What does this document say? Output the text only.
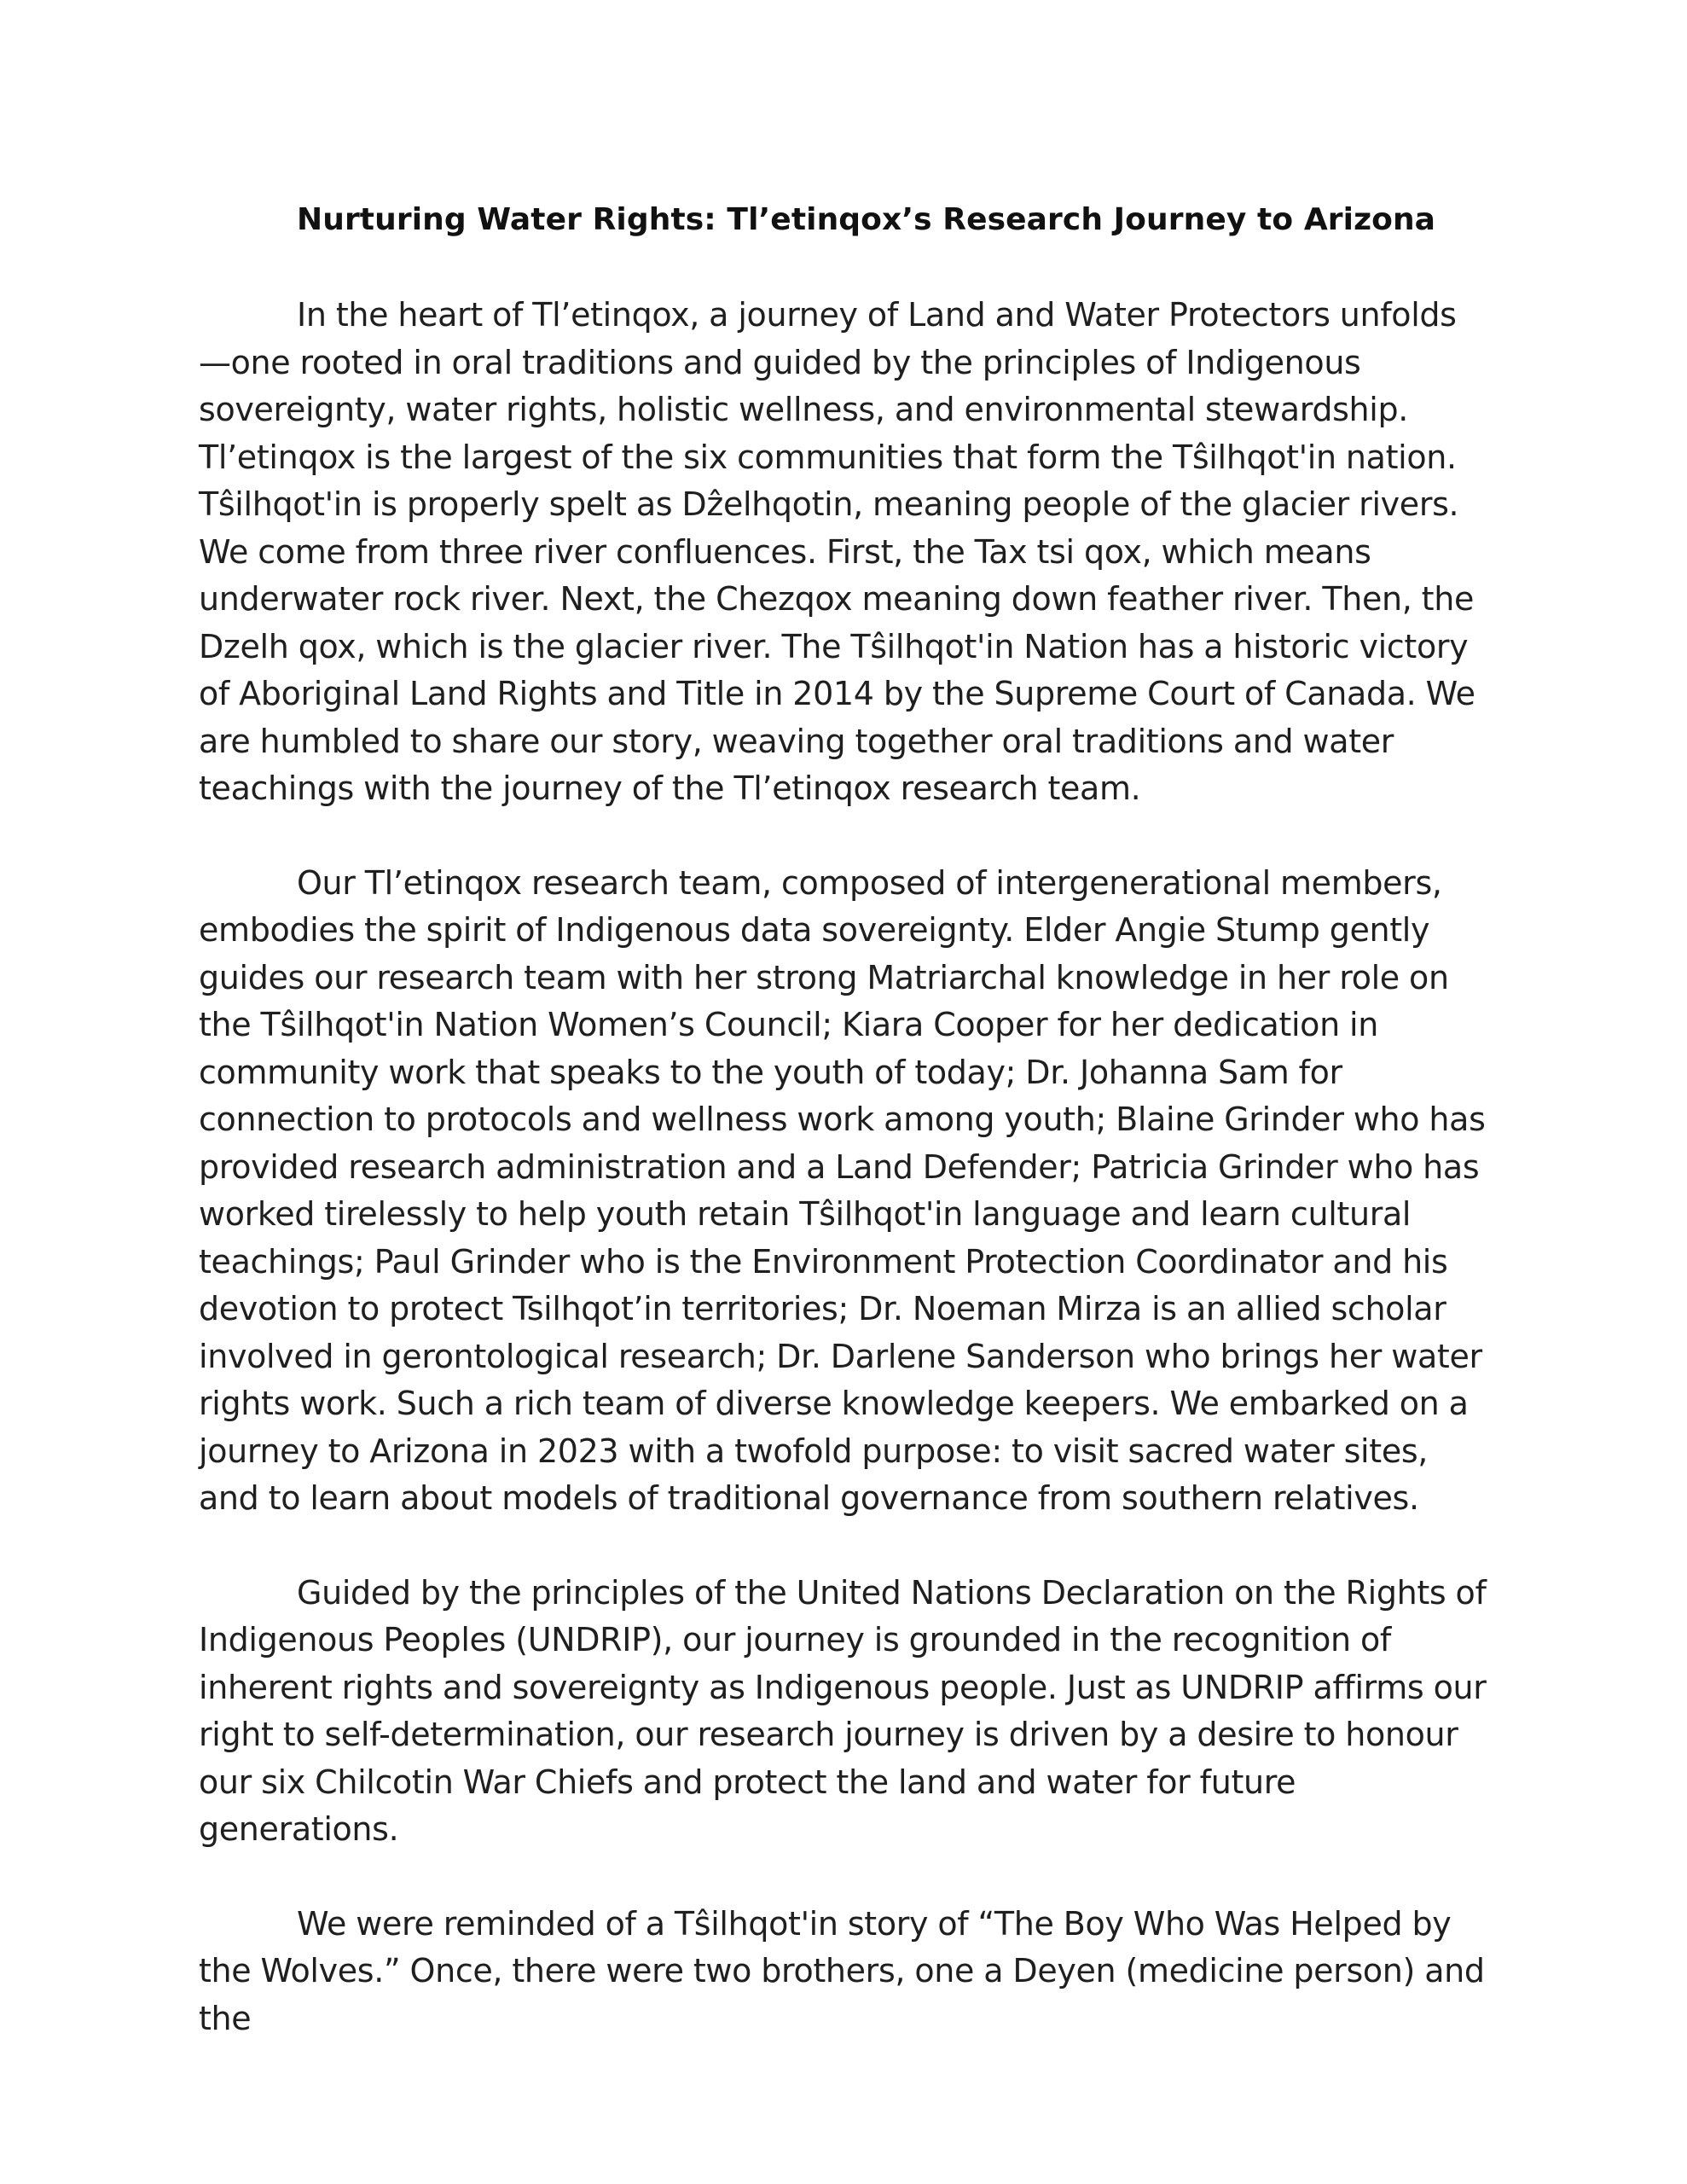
Nurturing Water Rights: Tl’etinqox’s Research Journey to Arizona

In the heart of Tl’etinqox, a journey of Land and Water Protectors unfolds —one rooted in oral traditions and guided by the principles of Indigenous sovereignty, water rights, holistic wellness, and environmental stewardship. Tl’etinqox is the largest of the six communities that form the Tŝilhqot'in nation. Tŝilhqot'in is properly spelt as Dẑelhqotin, meaning people of the glacier rivers. We come from three river confluences. First, the Tax tsi qox, which means underwater rock river. Next, the Chezqox meaning down feather river. Then, the Dzelh qox, which is the glacier river. The Tŝilhqot'in Nation has a historic victory of Aboriginal Land Rights and Title in 2014 by the Supreme Court of Canada. We are humbled to share our story, weaving together oral traditions and water teachings with the journey of the Tl’etinqox research team.

Our Tl’etinqox research team, composed of intergenerational members, embodies the spirit of Indigenous data sovereignty. Elder Angie Stump gently guides our research team with her strong Matriarchal knowledge in her role on the Tŝilhqot'in Nation Women’s Council; Kiara Cooper for her dedication in community work that speaks to the youth of today; Dr. Johanna Sam for connection to protocols and wellness work among youth; Blaine Grinder who has provided research administration and a Land Defender; Patricia Grinder who has worked tirelessly to help youth retain Tŝilhqot'in language and learn cultural teachings; Paul Grinder who is the Environment Protection Coordinator and his devotion to protect Tsilhqot’in territories; Dr. Noeman Mirza is an allied scholar involved in gerontological research; Dr. Darlene Sanderson who brings her water rights work. Such a rich team of diverse knowledge keepers. We embarked on a journey to Arizona in 2023 with a twofold purpose: to visit sacred water sites, and to learn about models of traditional governance from southern relatives.

Guided by the principles of the United Nations Declaration on the Rights of Indigenous Peoples (UNDRIP), our journey is grounded in the recognition of inherent rights and sovereignty as Indigenous people. Just as UNDRIP affirms our right to self-determination, our research journey is driven by a desire to honour our six Chilcotin War Chiefs and protect the land and water for future generations.

We were reminded of a Tŝilhqot'in story of “The Boy Who Was Helped by the Wolves.” Once, there were two brothers, one a Deyen (medicine person) and the
